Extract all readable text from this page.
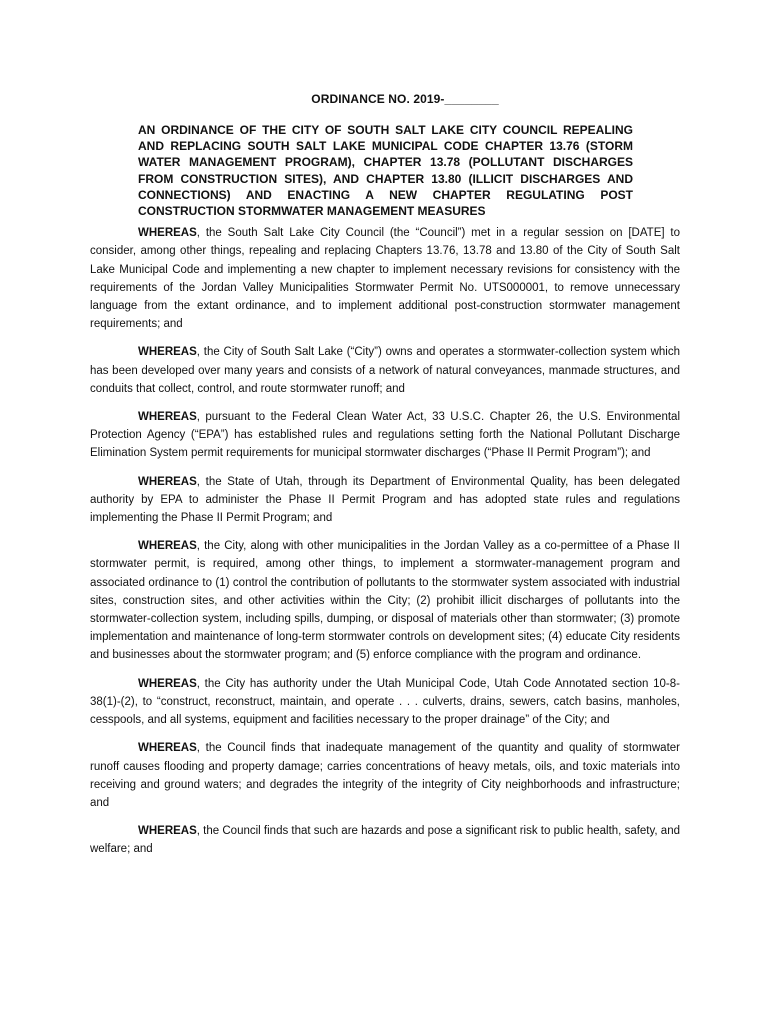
ORDINANCE NO. 2019-________
AN ORDINANCE OF THE CITY OF SOUTH SALT LAKE CITY COUNCIL REPEALING AND REPLACING SOUTH SALT LAKE MUNICIPAL CODE CHAPTER 13.76 (STORM WATER MANAGEMENT PROGRAM), CHAPTER 13.78 (POLLUTANT DISCHARGES FROM CONSTRUCTION SITES), AND CHAPTER 13.80 (ILLICIT DISCHARGES AND CONNECTIONS) AND ENACTING A NEW CHAPTER REGULATING POST CONSTRUCTION STORMWATER MANAGEMENT MEASURES

WHEREAS, the South Salt Lake City Council (the “Council”) met in a regular session on [DATE] to consider, among other things, repealing and replacing Chapters 13.76, 13.78 and 13.80 of the City of South Salt Lake Municipal Code and implementing a new chapter to implement necessary revisions for consistency with the requirements of the Jordan Valley Municipalities Stormwater Permit No. UTS000001, to remove unnecessary language from the extant ordinance, and to implement additional post-construction stormwater management requirements; and

WHEREAS, the City of South Salt Lake (“City”) owns and operates a stormwater-collection system which has been developed over many years and consists of a network of natural conveyances, manmade structures, and conduits that collect, control, and route stormwater runoff; and

WHEREAS, pursuant to the Federal Clean Water Act, 33 U.S.C. Chapter 26, the U.S. Environmental Protection Agency (“EPA”) has established rules and regulations setting forth the National Pollutant Discharge Elimination System permit requirements for municipal stormwater discharges (“Phase II Permit Program”); and

WHEREAS, the State of Utah, through its Department of Environmental Quality, has been delegated authority by EPA to administer the Phase II Permit Program and has adopted state rules and regulations implementing the Phase II Permit Program; and

WHEREAS, the City, along with other municipalities in the Jordan Valley as a co-permittee of a Phase II stormwater permit, is required, among other things, to implement a stormwater-management program and associated ordinance to (1) control the contribution of pollutants to the stormwater system associated with industrial sites, construction sites, and other activities within the City; (2) prohibit illicit discharges of pollutants into the stormwater-collection system, including spills, dumping, or disposal of materials other than stormwater; (3) promote implementation and maintenance of long-term stormwater controls on development sites; (4) educate City residents and businesses about the stormwater program; and (5) enforce compliance with the program and ordinance.

WHEREAS, the City has authority under the Utah Municipal Code, Utah Code Annotated section 10-8-38(1)-(2), to “construct, reconstruct, maintain, and operate . . . culverts, drains, sewers, catch basins, manholes, cesspools, and all systems, equipment and facilities necessary to the proper drainage” of the City; and

WHEREAS, the Council finds that inadequate management of the quantity and quality of stormwater runoff causes flooding and property damage; carries concentrations of heavy metals, oils, and toxic materials into receiving and ground waters; and degrades the integrity of the integrity of City neighborhoods and infrastructure; and

WHEREAS, the Council finds that such are hazards and pose a significant risk to public health, safety, and welfare; and
